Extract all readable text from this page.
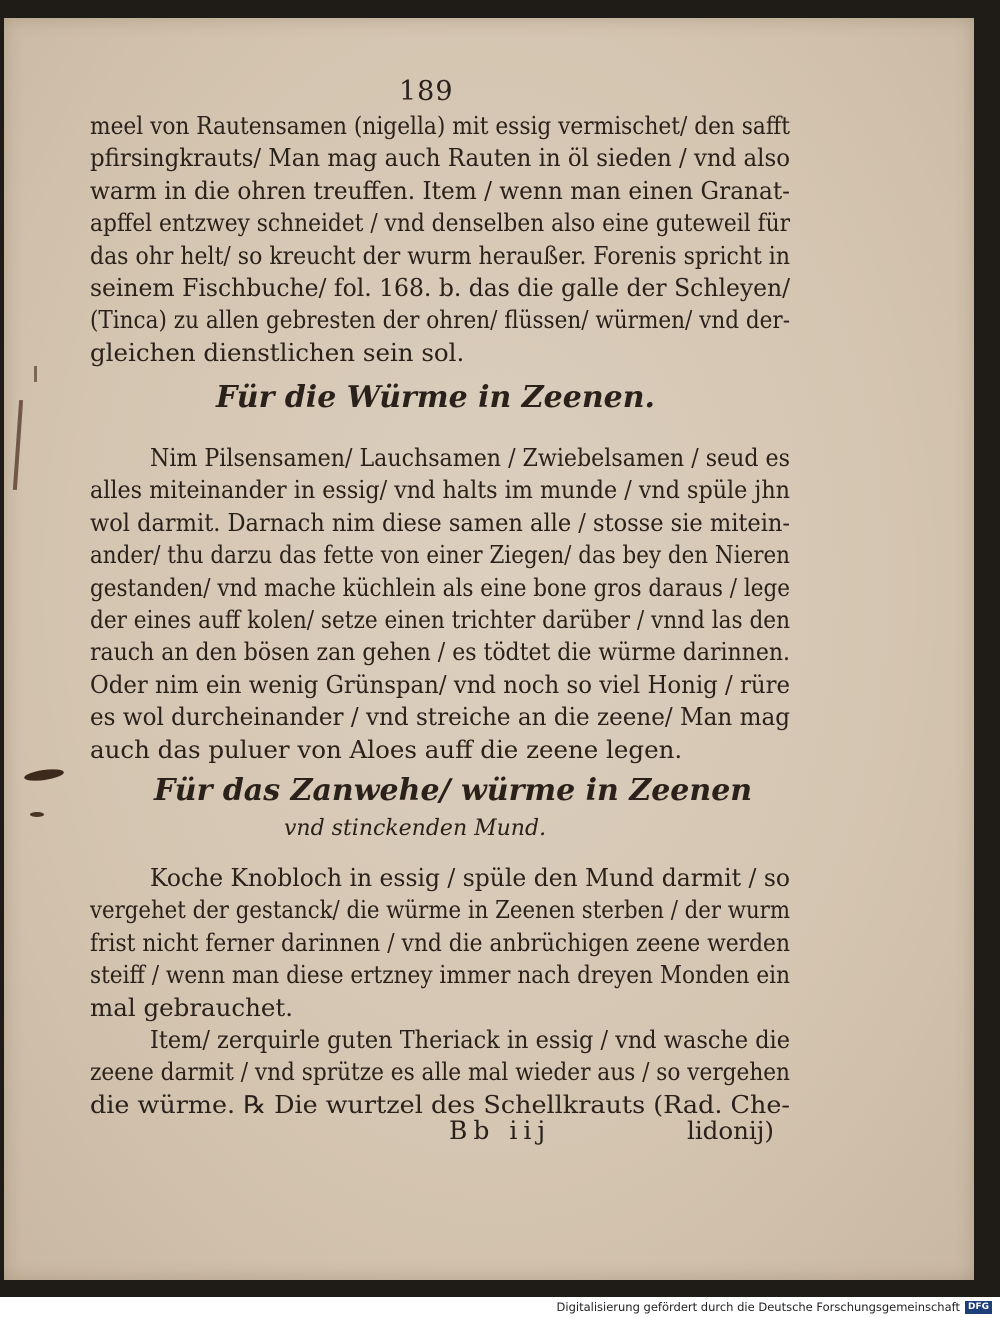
189
meel von Rautensamen (nigella) mit essig vermischet/ den safft
pfirsingkrauts/ Man mag auch Rauten in öl sieden / vnd also
warm in die ohren treuffen. Item / wenn man einen Granat-
apffel entzwey schneidet / vnd denselben also eine guteweil für
das ohr helt/ so kreucht der wurm heraußer. Forenis spricht in
seinem Fischbuche/ fol. 168. b. das die galle der Schleyen/
(Tinca) zu allen gebresten der ohren/ flüssen/ würmen/ vnd der-
gleichen dienstlichen sein sol.
Für die Würme in Zeenen.
Nim Pilsensamen/ Lauchsamen / Zwiebelsamen / seud es
alles miteinander in essig/ vnd halts im munde / vnd spüle jhn
wol darmit. Darnach nim diese samen alle / stosse sie mitein-
ander/ thu darzu das fette von einer Ziegen/ das bey den Nieren
gestanden/ vnd mache küchlein als eine bone gros daraus / lege
der eines auff kolen/ setze einen trichter darüber / vnnd las den
rauch an den bösen zan gehen / es tödtet die würme darinnen.
Oder nim ein wenig Grünspan/ vnd noch so viel Honig / rüre
es wol durcheinander / vnd streiche an die zeene/ Man mag
auch das puluer von Aloes auff die zeene legen.
Für das Zanwehe/ würme in Zeenen
vnd stinckenden Mund.
Koche Knobloch in essig / spüle den Mund darmit / so
vergehet der gestanck/ die würme in Zeenen sterben / der wurm
frist nicht ferner darinnen / vnd die anbrüchigen zeene werden
steiff / wenn man diese ertzney immer nach dreyen Monden ein
mal gebrauchet.
Item/ zerquirle guten Theriack in essig / vnd wasche die
zeene darmit / vnd sprütze es alle mal wieder aus / so vergehen
die würme. ℞ Die wurtzel des Schellkrauts (Rad. Che-
Bb iij	lidonij)
Digitalisierung gefördert durch die Deutsche Forschungsgemeinschaft DFG
